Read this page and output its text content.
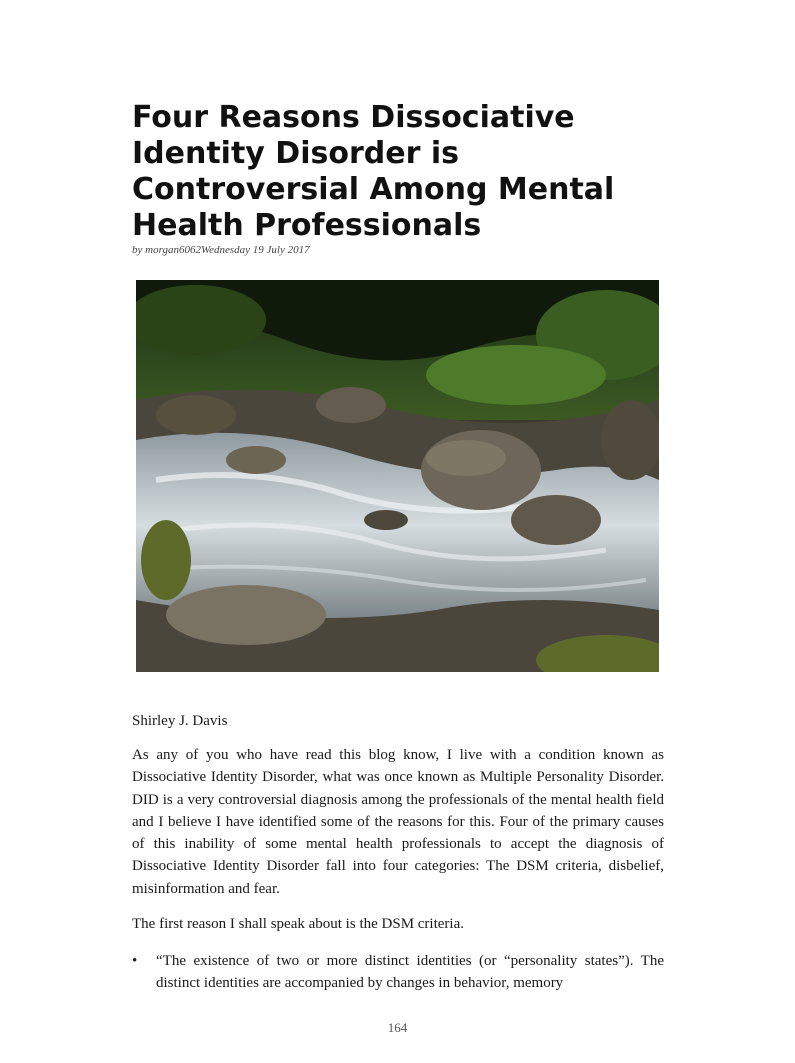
Four Reasons Dissociative Identity Disorder is Controversial Among Mental Health Professionals

by morgan6062Wednesday 19 July 2017

Shirley J. Davis

As any of you who have read this blog know, I live with a condition known as Dissociative Identity Disorder, what was once known as Multiple Personality Disorder. DID is a very controversial diagnosis among the professionals of the mental health field and I believe I have identified some of the reasons for this. Four of the primary causes of this inability of some mental health professionals to accept the diagnosis of Dissociative Identity Disorder fall into four categories: The DSM criteria, disbelief, misinformation and fear.

The first reason I shall speak about is the DSM criteria.

• “The existence of two or more distinct identities (or “personality states”). The distinct identities are accompanied by changes in behavior, memory
164
